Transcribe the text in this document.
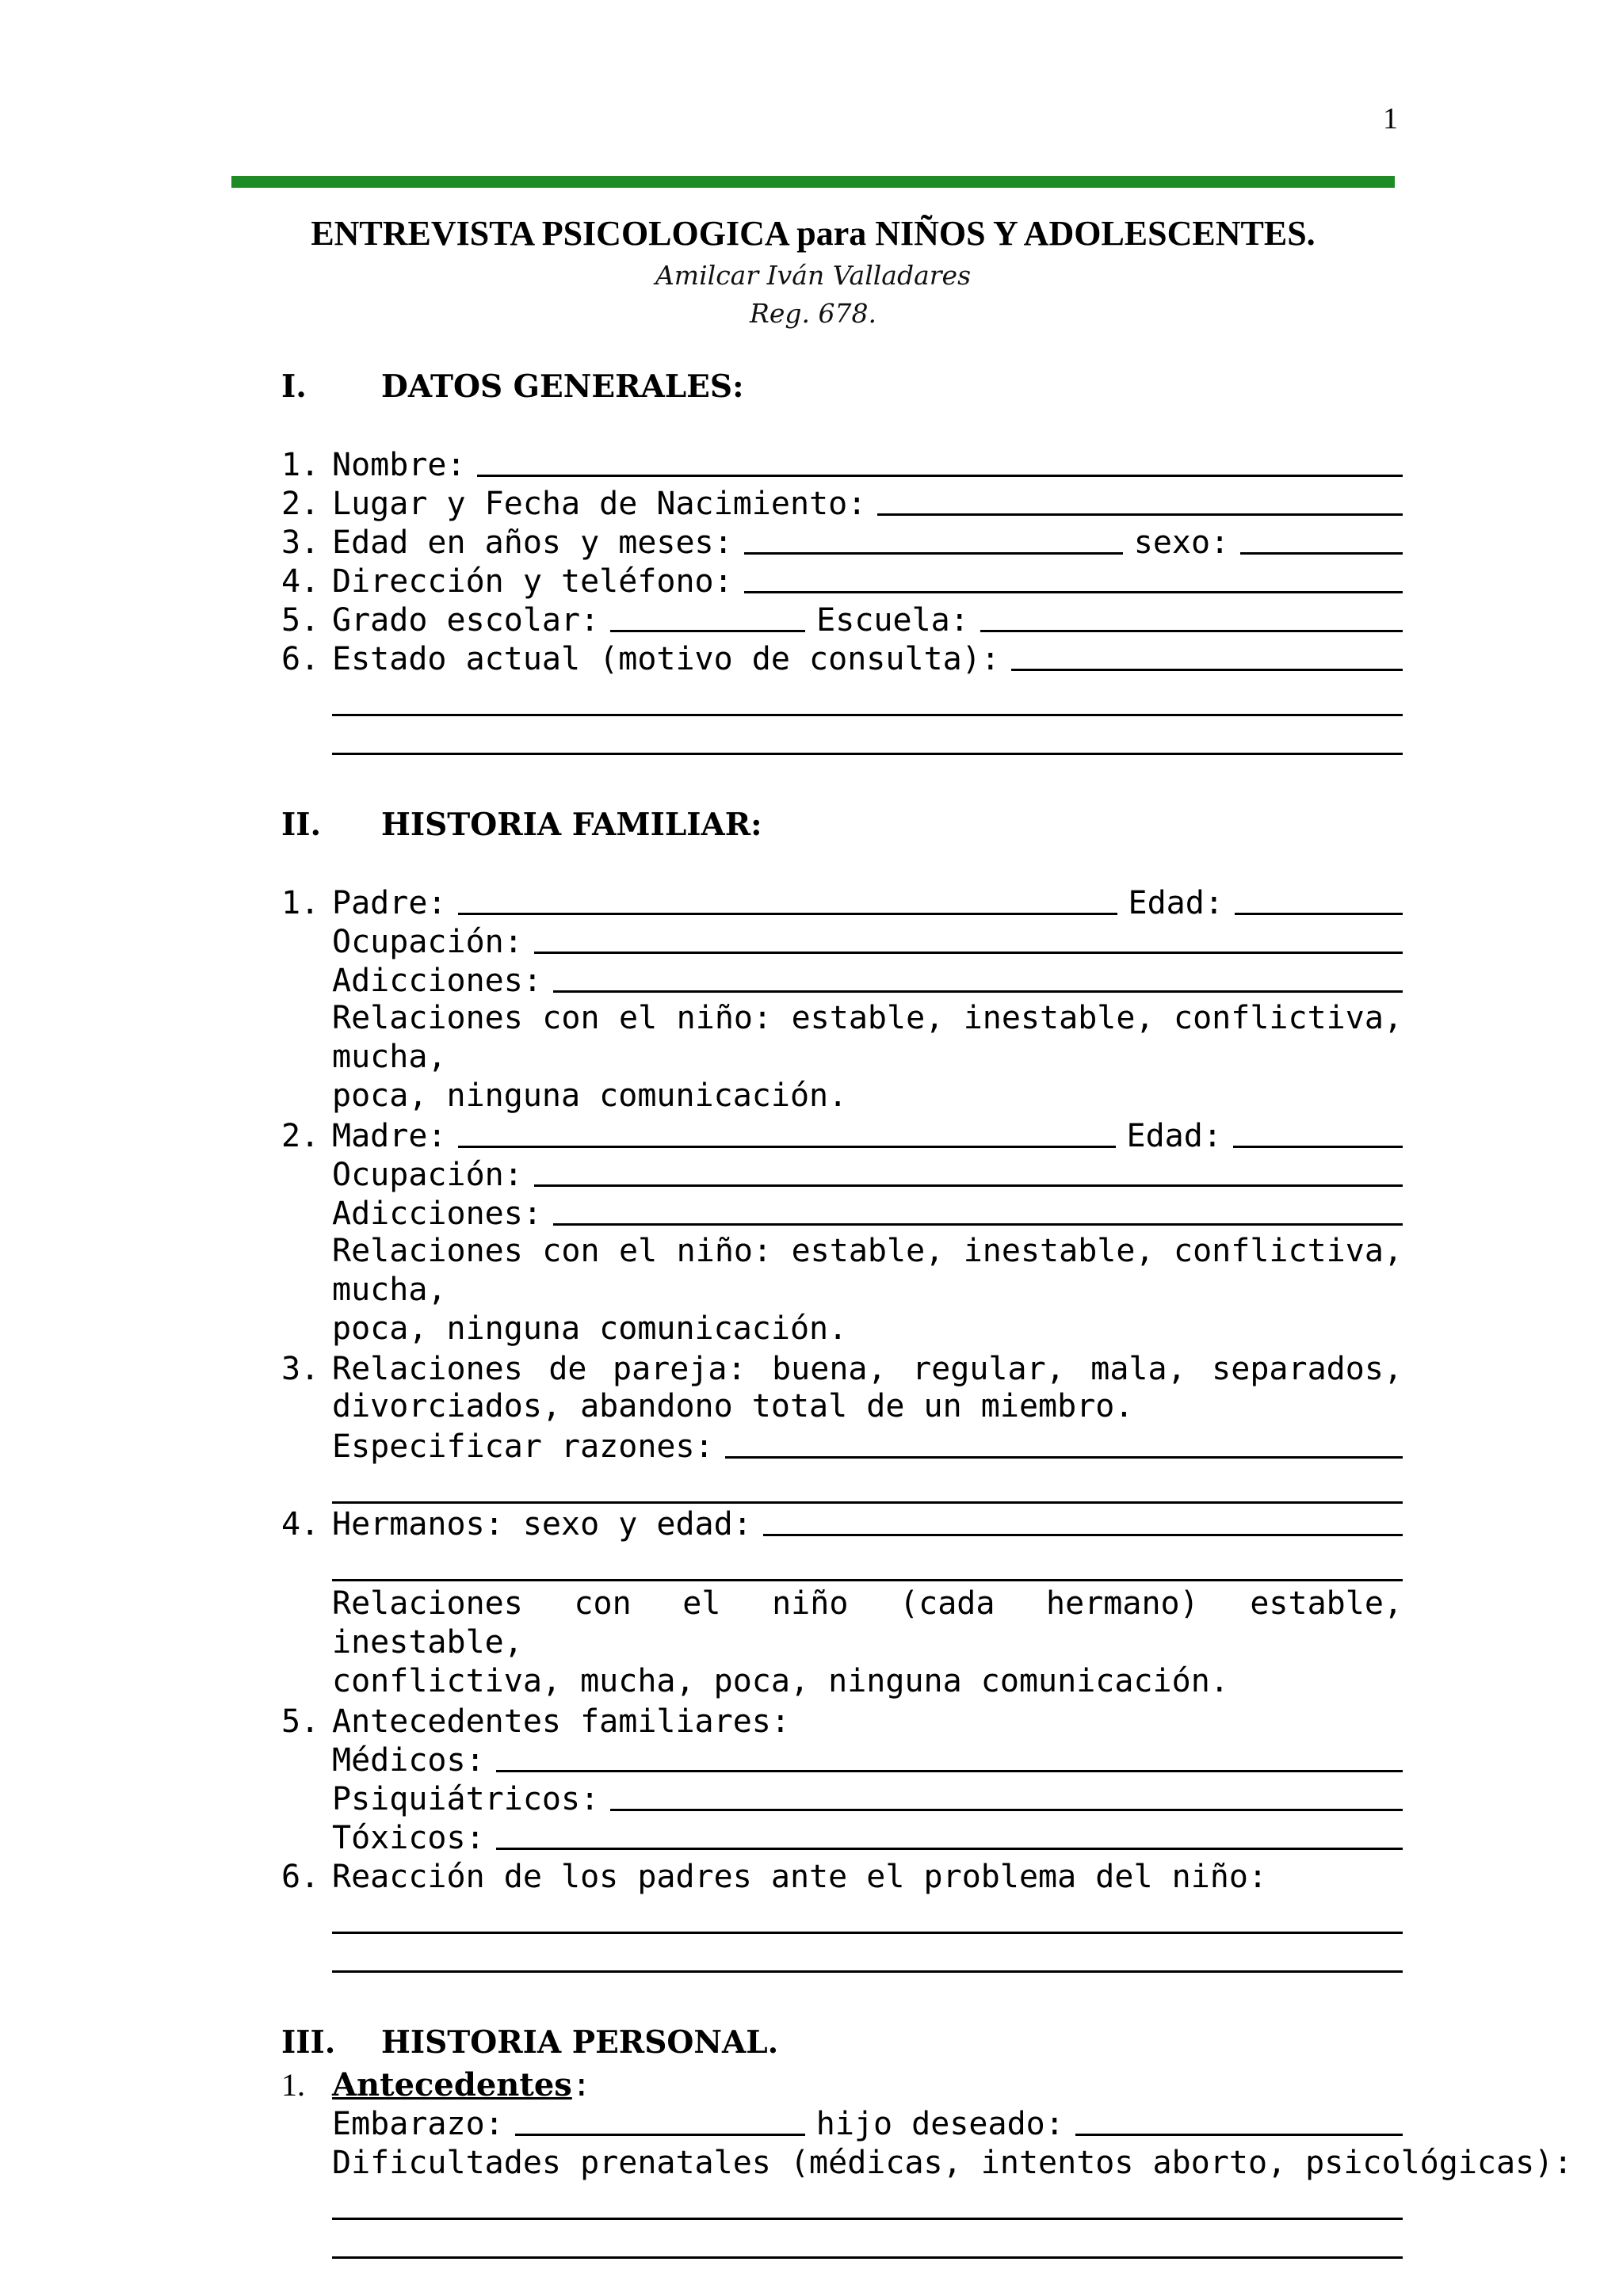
1
ENTREVISTA PSICOLOGICA para NIÑOS Y ADOLESCENTES.
Amilcar Iván Valladares
Reg. 678.
I.	DATOS GENERALES:
1. Nombre:
2. Lugar y Fecha de Nacimiento:
3. Edad en años y meses:	sexo:
4. Dirección y teléfono:
5. Grado escolar:	Escuela:
6. Estado actual (motivo de consulta):
II.	HISTORIA FAMILIAR:
1. Padre:	Edad:
Ocupación:
Adicciones:
Relaciones con el niño: estable, inestable, conflictiva, mucha,
poca, ninguna comunicación.
2. Madre:	Edad:
Ocupación:
Adicciones:
Relaciones con el niño: estable, inestable, conflictiva, mucha,
poca, ninguna comunicación.
3. Relaciones de pareja: buena, regular, mala, separados,
divorciados, abandono total de un miembro.
Especificar razones:
4. Hermanos: sexo y edad:
Relaciones con el niño (cada hermano) estable, inestable,
conflictiva, mucha, poca, ninguna comunicación.
5. Antecedentes familiares:
Médicos:
Psiquiátricos:
Tóxicos:
6. Reacción de los padres ante el problema del niño:
III.	HISTORIA PERSONAL.
1. Antecedentes :
Embarazo:	hijo deseado:
Dificultades prenatales (médicas, intentos aborto, psicológicas):
